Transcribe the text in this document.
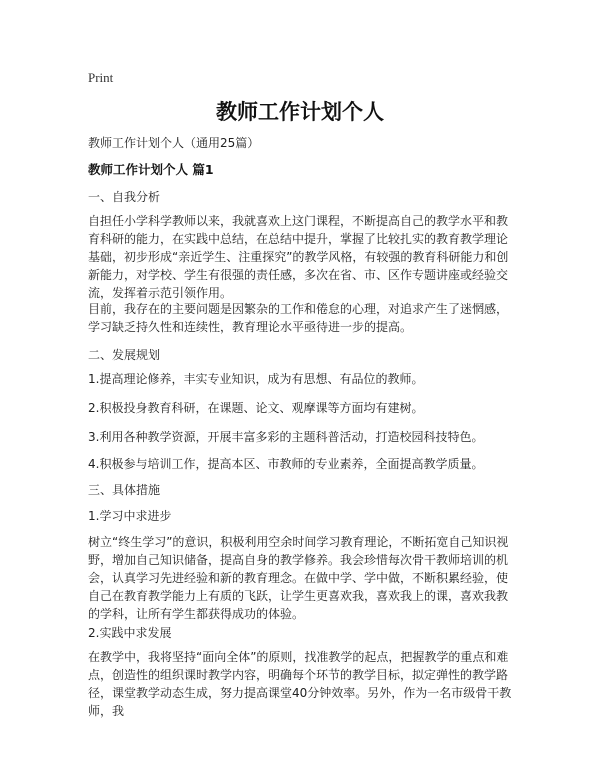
Print
教师工作计划个人

教师工作计划个人（通用25篇）

教师工作计划个人 篇1

一、自我分析

自担任小学科学教师以来，我就喜欢上这门课程，不断提高自己的教学水平和教育科研的能力，在实践中总结，在总结中提升，掌握了比较扎实的教育教学理论基础，初步形成“亲近学生、注重探究”的教学风格，有较强的教育科研能力和创新能力，对学校、学生有很强的责任感，多次在省、市、区作专题讲座或经验交流，发挥着示范引领作用。

目前，我存在的主要问题是因繁杂的工作和倦怠的心理，对追求产生了迷惘感，学习缺乏持久性和连续性，教育理论水平亟待进一步的提高。

二、发展规划

1.提高理论修养，丰实专业知识，成为有思想、有品位的教师。

2.积极投身教育科研，在课题、论文、观摩课等方面均有建树。

3.利用各种教学资源，开展丰富多彩的主题科普活动，打造校园科技特色。

4.积极参与培训工作，提高本区、市教师的专业素养，全面提高教学质量。

三、具体措施

1.学习中求进步

树立“终生学习”的意识，积极利用空余时间学习教育理论，不断拓宽自己知识视野，增加自己知识储备，提高自身的教学修养。我会珍惜每次骨干教师培训的机会，认真学习先进经验和新的教育理念。在做中学、学中做，不断积累经验，使自己在教育教学能力上有质的飞跃，让学生更喜欢我，喜欢我上的课，喜欢我教的学科，让所有学生都获得成功的体验。

2.实践中求发展

在教学中，我将坚持“面向全体”的原则，找准教学的起点，把握教学的重点和难点，创造性的组织课时教学内容，明确每个环节的教学目标，拟定弹性的教学路径，课堂教学动态生成，努力提高课堂40分钟效率。另外，作为一名市级骨干教师，我
